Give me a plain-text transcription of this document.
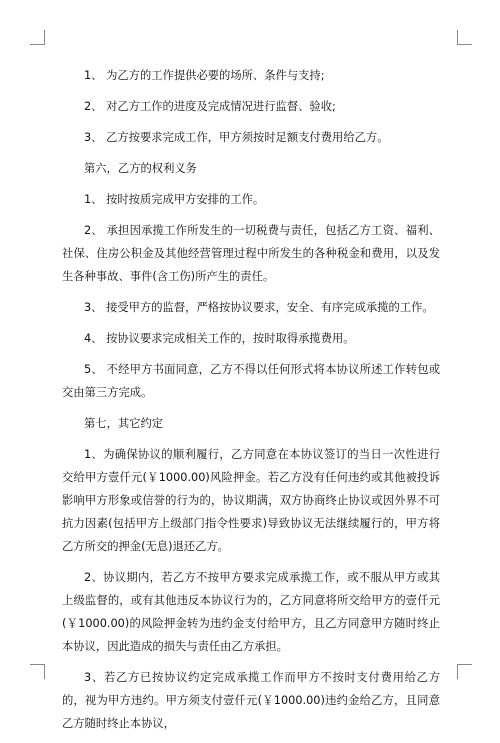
1、 为乙方的工作提供必要的场所、条件与支持;

2、 对乙方工作的进度及完成情况进行监督、验收;

3、 乙方按要求完成工作，甲方须按时足额支付费用给乙方。

第六，乙方的权利义务

1、 按时按质完成甲方安排的工作。

2、 承担因承揽工作所发生的一切税费与责任，包括乙方工资、福利、社保、住房公积金及其他经营管理过程中所发生的各种税金和费用，以及发生各种事故、事件(含工伤)所产生的责任。

3、 接受甲方的监督，严格按协议要求，安全、有序完成承揽的工作。

4、 按协议要求完成相关工作的，按时取得承揽费用。

5、 不经甲方书面同意，乙方不得以任何形式将本协议所述工作转包或交由第三方完成。

第七，其它约定

1、为确保协议的顺利履行，乙方同意在本协议签订的当日一次性进行交给甲方壹仟元(￥1000.00)风险押金。若乙方没有任何违约或其他被投诉影响甲方形象或信誉的行为的，协议期满，双方协商终止协议或因外界不可抗力因素(包括甲方上级部门指令性要求)导致协议无法继续履行的，甲方将乙方所交的押金(无息)退还乙方。

2、协议期内，若乙方不按甲方要求完成承揽工作，或不服从甲方或其上级监督的，或有其他违反本协议行为的，乙方同意将所交给甲方的壹仟元(￥1000.00)的风险押金转为违约金支付给甲方，且乙方同意甲方随时终止本协议，因此造成的损失与责任由乙方承担。

3、若乙方已按协议约定完成承揽工作而甲方不按时支付费用给乙方的，视为甲方违约。甲方须支付壹仟元(￥1000.00)违约金给乙方，且同意乙方随时终止本协议，
